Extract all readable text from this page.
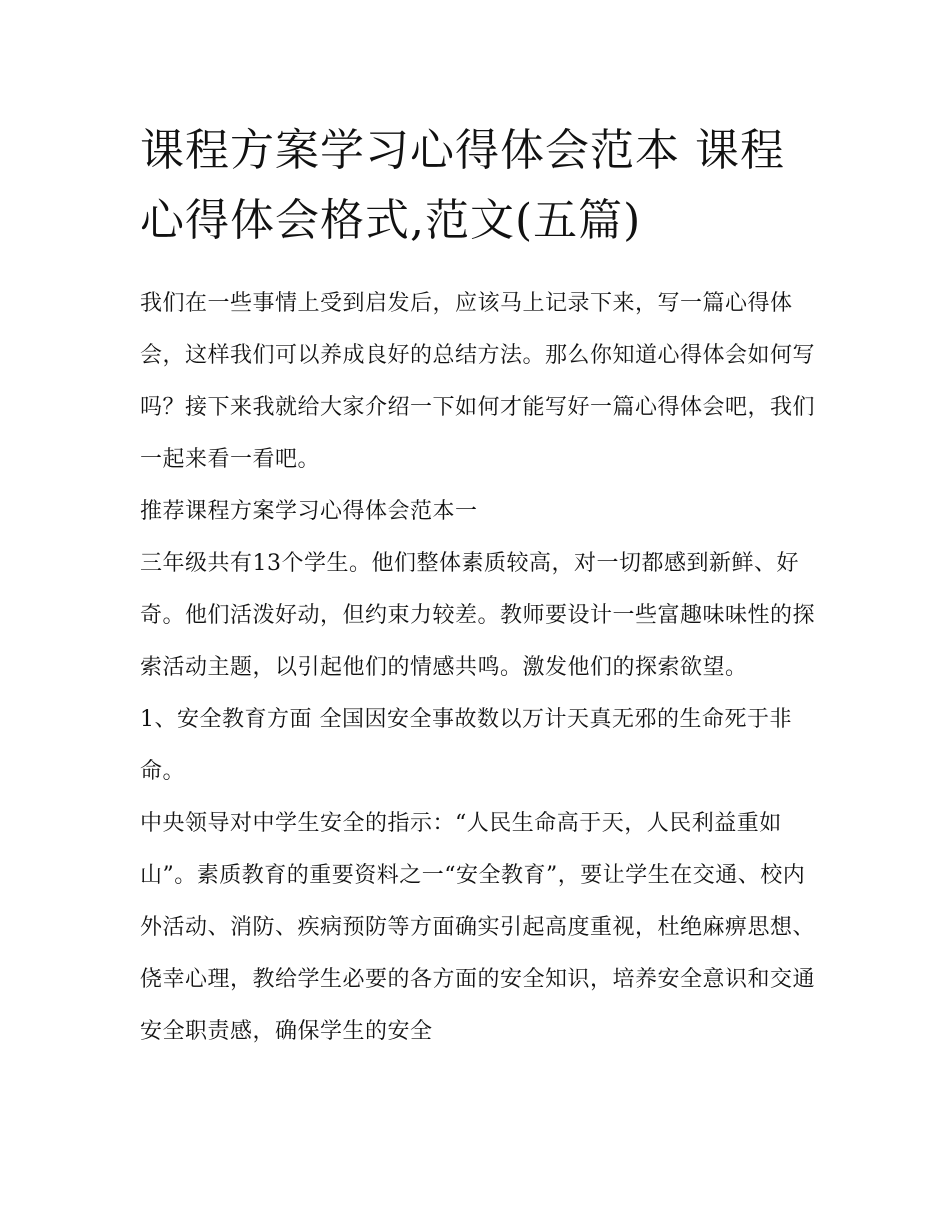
课程方案学习心得体会范本 课程心得体会格式,范文(五篇)

我们在一些事情上受到启发后，应该马上记录下来，写一篇心得体会，这样我们可以养成良好的总结方法。那么你知道心得体会如何写吗？接下来我就给大家介绍一下如何才能写好一篇心得体会吧，我们一起来看一看吧。

推荐课程方案学习心得体会范本一

三年级共有13个学生。他们整体素质较高，对一切都感到新鲜、好奇。他们活泼好动，但约束力较差。教师要设计一些富趣味味性的探索活动主题，以引起他们的情感共鸣。激发他们的探索欲望。

1、安全教育方面 全国因安全事故数以万计天真无邪的生命死于非命。

中央领导对中学生安全的指示：“人民生命高于天，人民利益重如山”。素质教育的重要资料之一“安全教育”，要让学生在交通、校内外活动、消防、疾病预防等方面确实引起高度重视，杜绝麻痹思想、侥幸心理，教给学生必要的各方面的安全知识，培养安全意识和交通安全职责感，确保学生的安全
